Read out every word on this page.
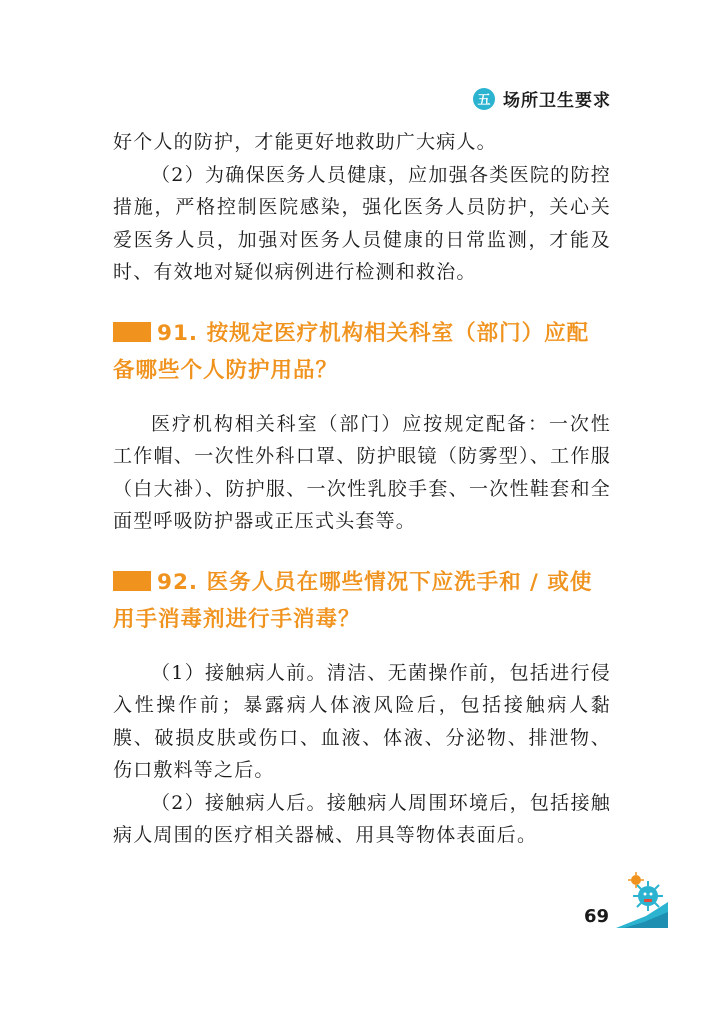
五 场所卫生要求

好个人的防护，才能更好地救助广大病人。

（2）为确保医务人员健康，应加强各类医院的防控措施，严格控制医院感染，强化医务人员防护，关心关爱医务人员，加强对医务人员健康的日常监测，才能及时、有效地对疑似病例进行检测和救治。

91. 按规定医疗机构相关科室（部门）应配备哪些个人防护用品？

医疗机构相关科室（部门）应按规定配备：一次性工作帽、一次性外科口罩、防护眼镜（防雾型）、工作服（白大褂）、防护服、一次性乳胶手套、一次性鞋套和全面型呼吸防护器或正压式头套等。

92. 医务人员在哪些情况下应洗手和 / 或使用手消毒剂进行手消毒？

（1）接触病人前。清洁、无菌操作前，包括进行侵入性操作前；暴露病人体液风险后，包括接触病人黏膜、破损皮肤或伤口、血液、体液、分泌物、排泄物、伤口敷料等之后。

（2）接触病人后。接触病人周围环境后，包括接触病人周围的医疗相关器械、用具等物体表面后。

69
